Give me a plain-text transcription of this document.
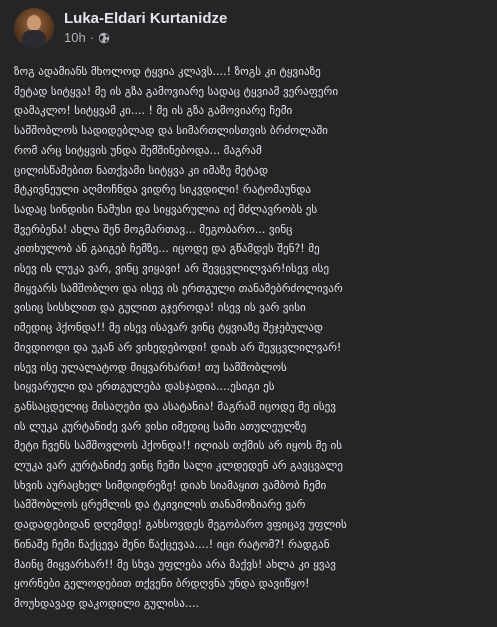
Luka-Eldari Kurtanidze
10h ·
ზოგ ადამიანს მხოლოდ ტყვია კლავს....! ზოგს კი ტყვიაზე
მეტად სიტყვა! მე ის გზა გამოვიარე სადაც ტყვიამ ვერაფერი
დამაკლო! სიტყვამ კი.... ! მე ის გზა გამოვიარე ჩემი
სამშობლოს სადიდებლად და სიმართლისთვის ბრძოლაში
რომ არც სიტყვის უნდა შემშინებოდა... მაგრამ
ცილისწამებით ნათქვამი სიტყვა კი იმაზე მეტად
მტკივნეული აღმოჩნდა ვიდრე სიკვდილი! რატომაუნდა
სადაც სინდისი ნამუსი და სიყვარულია იქ მძლავრობს ეს
შვერბენა! ახლა შენ მოგმართავ... მეგობარო... ვინც
კითხულობ ან გაიგებ ჩემზე... იცოდე და გწამდეს შენ?! მე
ისევ ის ლუკა ვარ, ვინც ვიყავი! არ შევცვლილვარ!ისევ ისე
მიყვარს სამშობლო და ისევ ის ერთგული თანამებრძოლივარ
ვისიც სისხლით და გულით გჯეროდა! ისევ ის ვარ ვისი
იმედიც ჰქონდა!! მე ისევ ისავარ ვინც ტყვიაზე შეჯებულად
მივდიოდი და უკან არ ვიხედებოდი! დიახ არ შევცვლილვარ!
ისევ ისე ულალატოდ მიყვარხართ! თუ სამშობლოს
სიყვარული და ერთგულება დასჯადია....ესიგი ეს
განსაცდელიც მისაღები და ასატანია! მაგრამ იცოდე მე ისევ
ის ლუკა კურტანიძე ვარ ვისი იმედიც სამი ათულეულზე
მეტი ჩვენს სამშოვლოს ჰქონდა!! ილიას თქმის არ იყოს მე ის
ლუკა ვარ კურტანიძე ვინც ჩემი სალი კლდედენ არ გავცვალე
სხვის აურაცხელ სიმდიდრეზე! დიახ სიამაყით ვამბობ ჩემი
სამშობლოს ცრემლის და ტკივილის თანამოზიარე ვარ
დადადებიდან დღემდე! გახსოვდეს მეგობარო ვფიცავ უფლის
წინაშე ჩემი წაქცევა შენი წაქცევაა....! იცი რატომ?! რადგან
მაინც მიყვარხარ!! მე სხვა უფლება არა მაქვს! ახლა კი ყვავ
ყორნები გელოდებით თქვენი ბრდღვნა უნდა დავიწყო!
მოუხდავად დაკოდილი გულისა....
